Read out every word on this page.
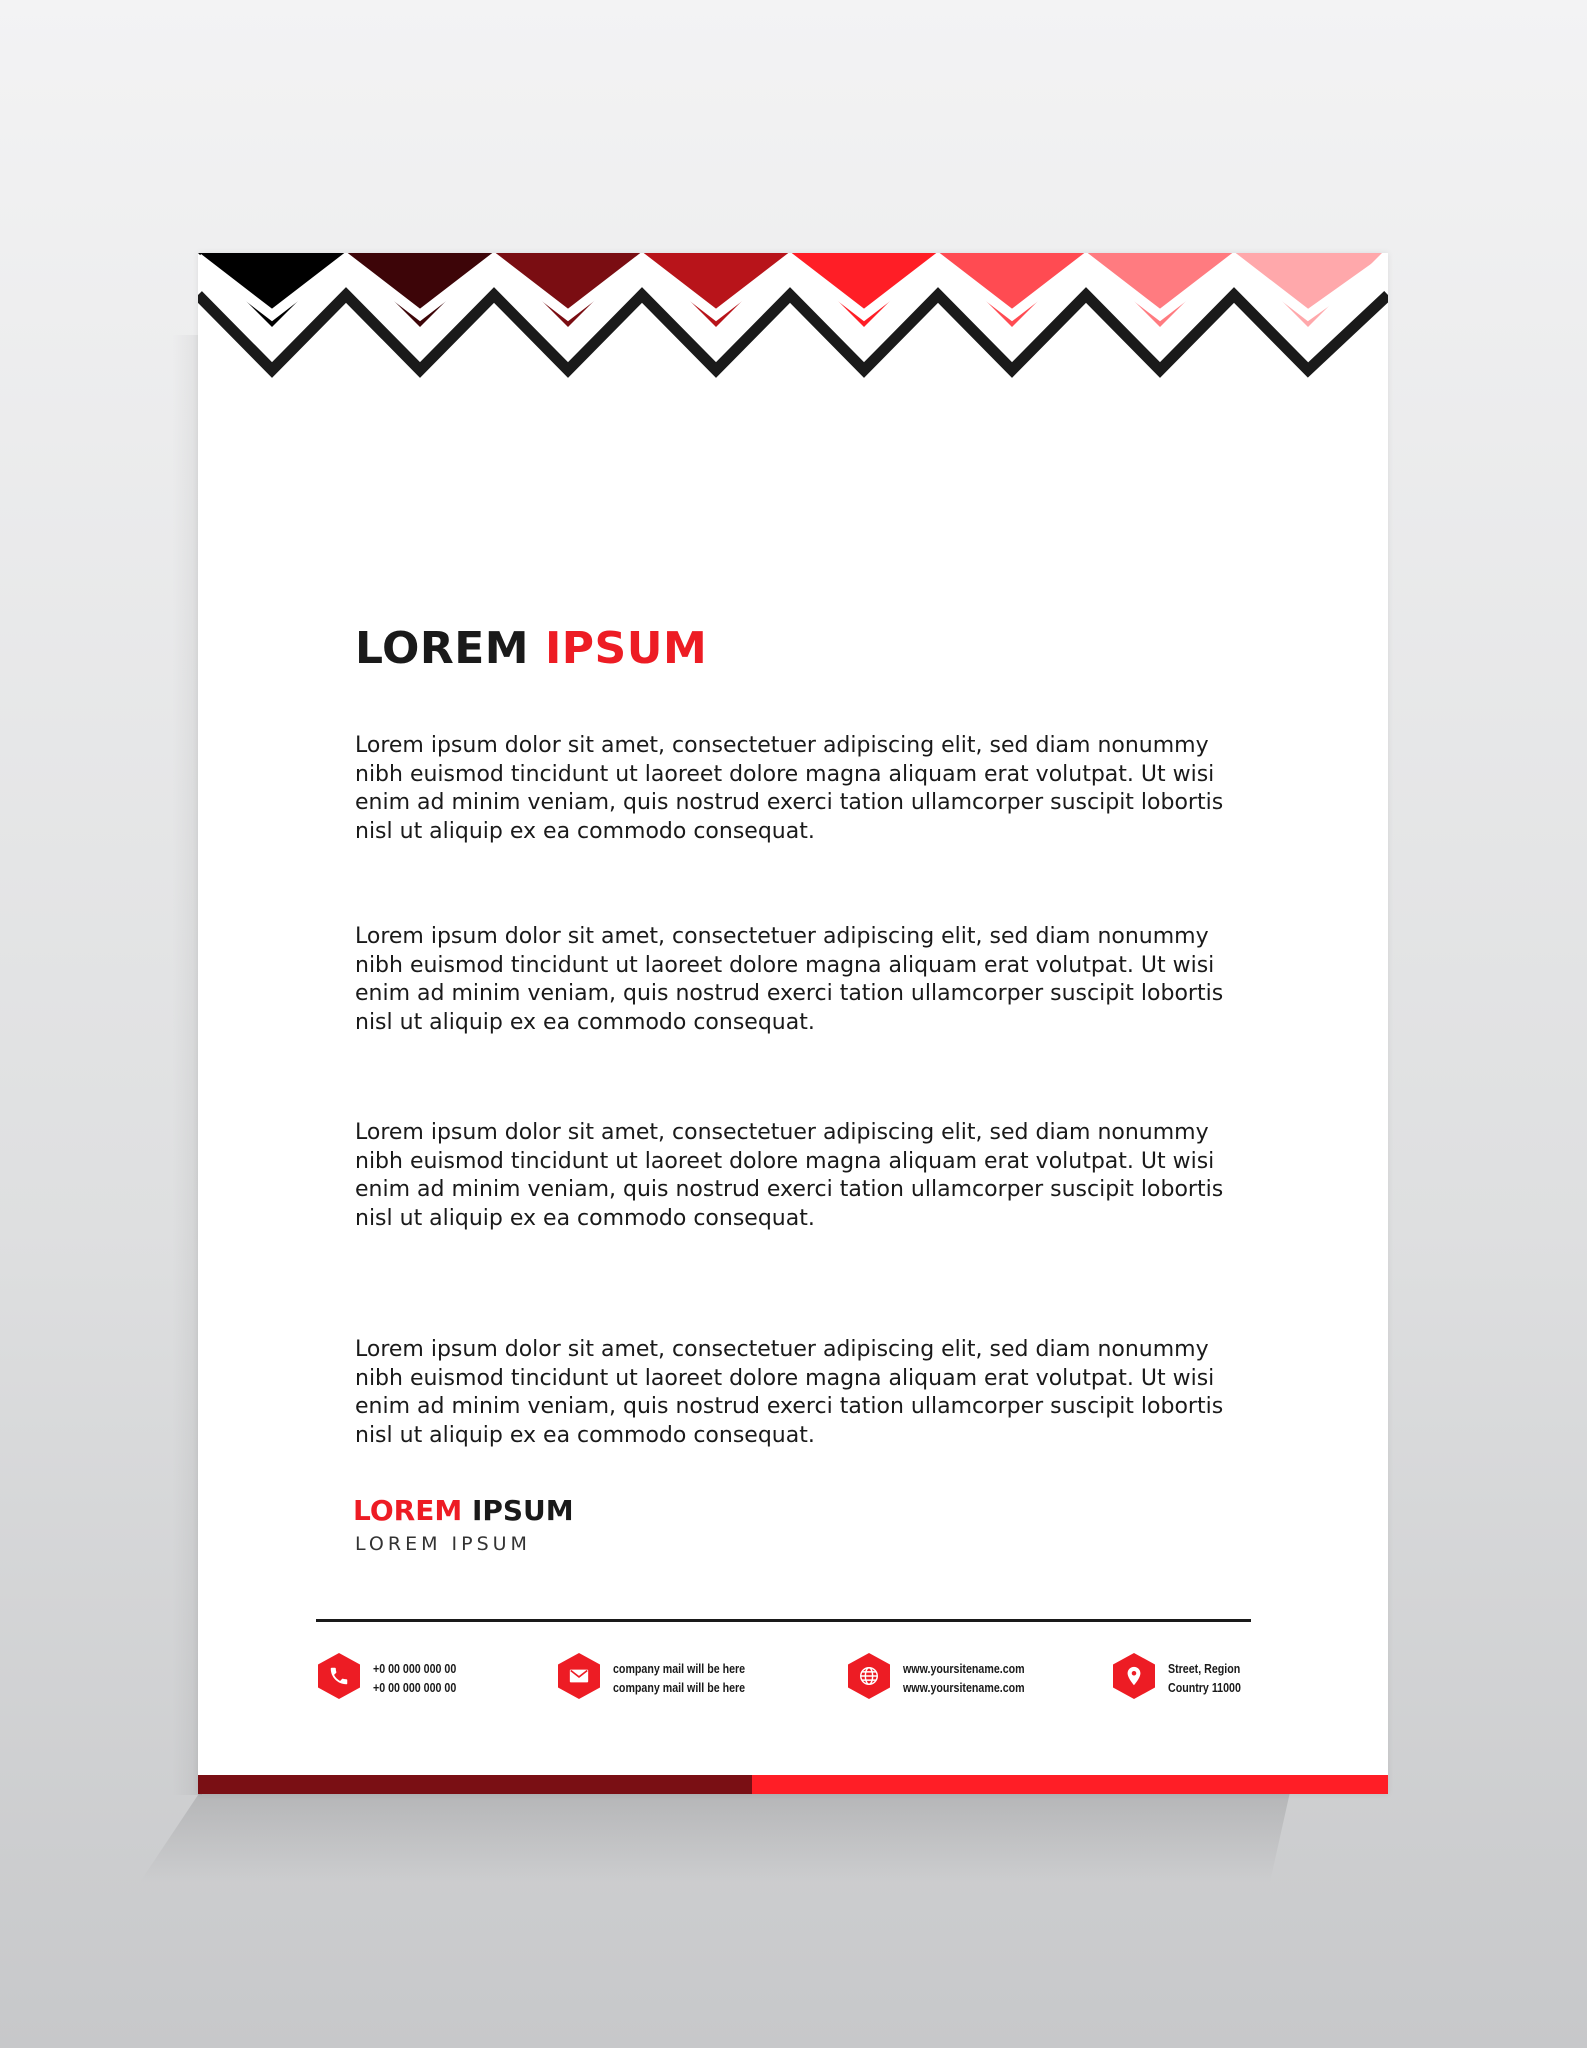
LOREM IPSUM

Lorem ipsum dolor sit amet, consectetuer adipiscing elit, sed diam nonummy nibh euismod tincidunt ut laoreet dolore magna aliquam erat volutpat. Ut wisi enim ad minim veniam, quis nostrud exerci tation ullamcorper suscipit lobortis nisl ut aliquip ex ea commodo consequat.

Lorem ipsum dolor sit amet, consectetuer adipiscing elit, sed diam nonummy nibh euismod tincidunt ut laoreet dolore magna aliquam erat volutpat. Ut wisi enim ad minim veniam, quis nostrud exerci tation ullamcorper suscipit lobortis nisl ut aliquip ex ea commodo consequat.

Lorem ipsum dolor sit amet, consectetuer adipiscing elit, sed diam nonummy nibh euismod tincidunt ut laoreet dolore magna aliquam erat volutpat. Ut wisi enim ad minim veniam, quis nostrud exerci tation ullamcorper suscipit lobortis nisl ut aliquip ex ea commodo consequat.

Lorem ipsum dolor sit amet, consectetuer adipiscing elit, sed diam nonummy nibh euismod tincidunt ut laoreet dolore magna aliquam erat volutpat. Ut wisi enim ad minim veniam, quis nostrud exerci tation ullamcorper suscipit lobortis nisl ut aliquip ex ea commodo consequat.

LOREM IPSUM
LOREM IPSUM
+0 00 000 000 00
+0 00 000 000 00
company mail will be here
company mail will be here
www.yoursitename.com
www.yoursitename.com
Street, Region
Country 11000
